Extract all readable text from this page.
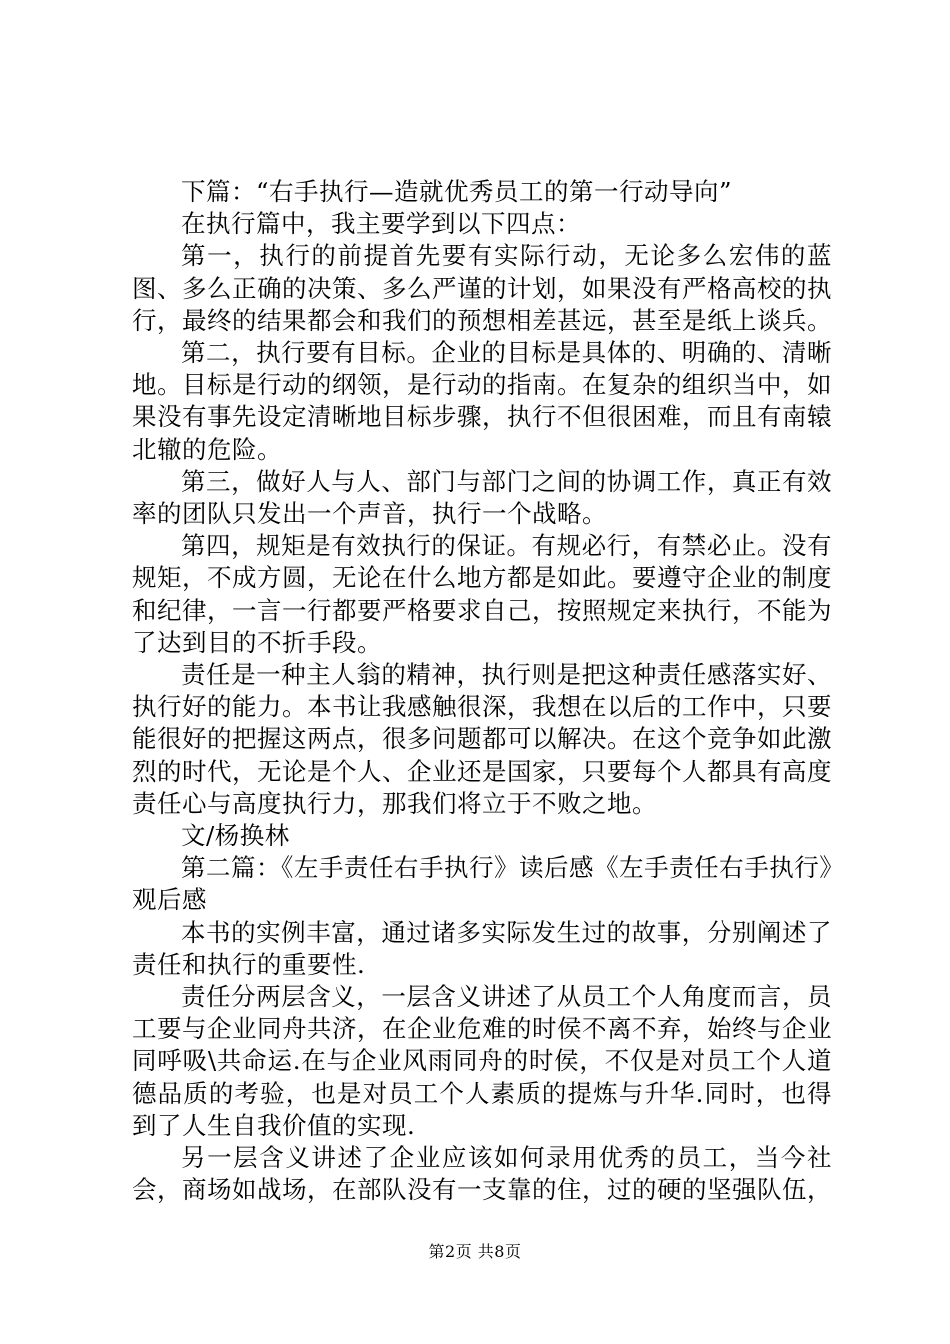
下篇：“右手执行—造就优秀员工的第一行动导向”

在执行篇中，我主要学到以下四点：

第一，执行的前提首先要有实际行动，无论多么宏伟的蓝图、多么正确的决策、多么严谨的计划，如果没有严格高校的执行，最终的结果都会和我们的预想相差甚远，甚至是纸上谈兵。

第二，执行要有目标。企业的目标是具体的、明确的、清晰地。目标是行动的纲领，是行动的指南。在复杂的组织当中，如果没有事先设定清晰地目标步骤，执行不但很困难，而且有南辕北辙的危险。

第三，做好人与人、部门与部门之间的协调工作，真正有效率的团队只发出一个声音，执行一个战略。

第四，规矩是有效执行的保证。有规必行，有禁必止。没有规矩，不成方圆，无论在什么地方都是如此。要遵守企业的制度和纪律，一言一行都要严格要求自己，按照规定来执行，不能为了达到目的不折手段。

责任是一种主人翁的精神，执行则是把这种责任感落实好、执行好的能力。本书让我感触很深，我想在以后的工作中，只要能很好的把握这两点，很多问题都可以解决。在这个竞争如此激烈的时代，无论是个人、企业还是国家，只要每个人都具有高度责任心与高度执行力，那我们将立于不败之地。

文/杨换林

第二篇：《左手责任右手执行》读后感《左手责任右手执行》观后感

本书的实例丰富，通过诸多实际发生过的故事，分别阐述了责任和执行的重要性.

责任分两层含义，一层含义讲述了从员工个人角度而言，员工要与企业同舟共济，在企业危难的时侯不离不弃，始终与企业同呼吸\共命运.在与企业风雨同舟的时侯，不仅是对员工个人道德品质的考验，也是对员工个人素质的提炼与升华.同时，也得到了人生自我价值的实现.

另一层含义讲述了企业应该如何录用优秀的员工，当今社会，商场如战场，在部队没有一支靠的住，过的硬的坚强队伍，

第2页 共8页
